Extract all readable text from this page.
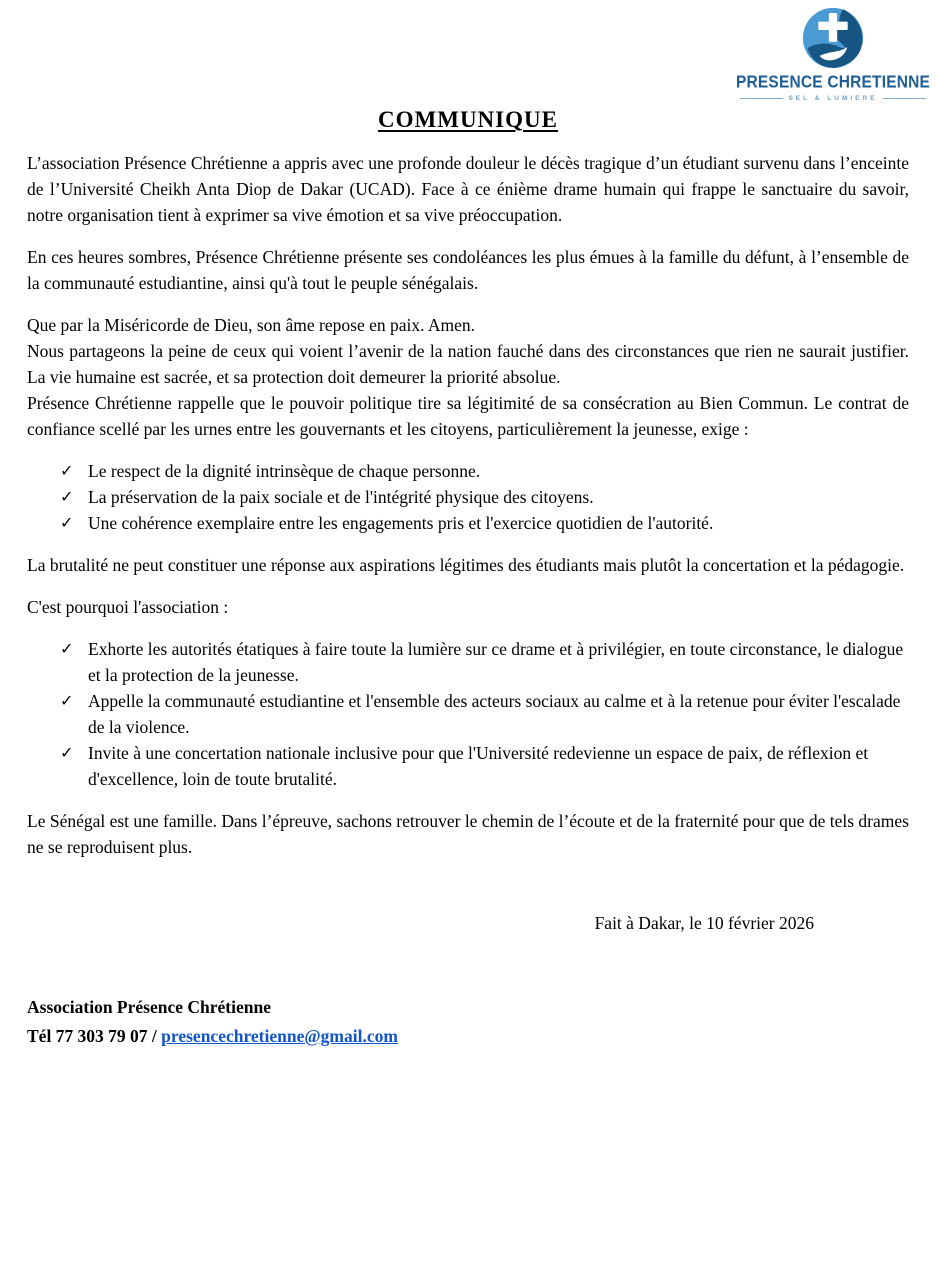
PRESENCE CHRETIENNE
SEL & LUMIERE
COMMUNIQUE

L’association Présence Chrétienne a appris avec une profonde douleur le décès tragique d’un étudiant survenu dans l’enceinte de l’Université Cheikh Anta Diop de Dakar (UCAD). Face à ce énième drame humain qui frappe le sanctuaire du savoir, notre organisation tient à exprimer sa vive émotion et sa vive préoccupation.

En ces heures sombres, Présence Chrétienne présente ses condoléances les plus émues à la famille du défunt, à l’ensemble de la communauté estudiantine, ainsi qu'à tout le peuple sénégalais.

Que par la Miséricorde de Dieu, son âme repose en paix. Amen.

Nous partageons la peine de ceux qui voient l’avenir de la nation fauché dans des circonstances que rien ne saurait justifier. La vie humaine est sacrée, et sa protection doit demeurer la priorité absolue.

Présence Chrétienne rappelle que le pouvoir politique tire sa légitimité de sa consécration au Bien Commun. Le contrat de confiance scellé par les urnes entre les gouvernants et les citoyens, particulièrement la jeunesse, exige :

✓ Le respect de la dignité intrinsèque de chaque personne.
✓ La préservation de la paix sociale et de l'intégrité physique des citoyens.
✓ Une cohérence exemplaire entre les engagements pris et l'exercice quotidien de l'autorité.

La brutalité ne peut constituer une réponse aux aspirations légitimes des étudiants mais plutôt la concertation et la pédagogie.

C'est pourquoi l'association :

✓ Exhorte les autorités étatiques à faire toute la lumière sur ce drame et à privilégier, en toute circonstance, le dialogue et la protection de la jeunesse.
✓ Appelle la communauté estudiantine et l'ensemble des acteurs sociaux au calme et à la retenue pour éviter l'escalade de la violence.
✓ Invite à une concertation nationale inclusive pour que l'Université redevienne un espace de paix, de réflexion et d'excellence, loin de toute brutalité.

Le Sénégal est une famille. Dans l’épreuve, sachons retrouver le chemin de l’écoute et de la fraternité pour que de tels drames ne se reproduisent plus.

Fait à Dakar, le 10 février 2026
Association Présence Chrétienne
Tél 77 303 79 07 / presencechretienne@gmail.com
